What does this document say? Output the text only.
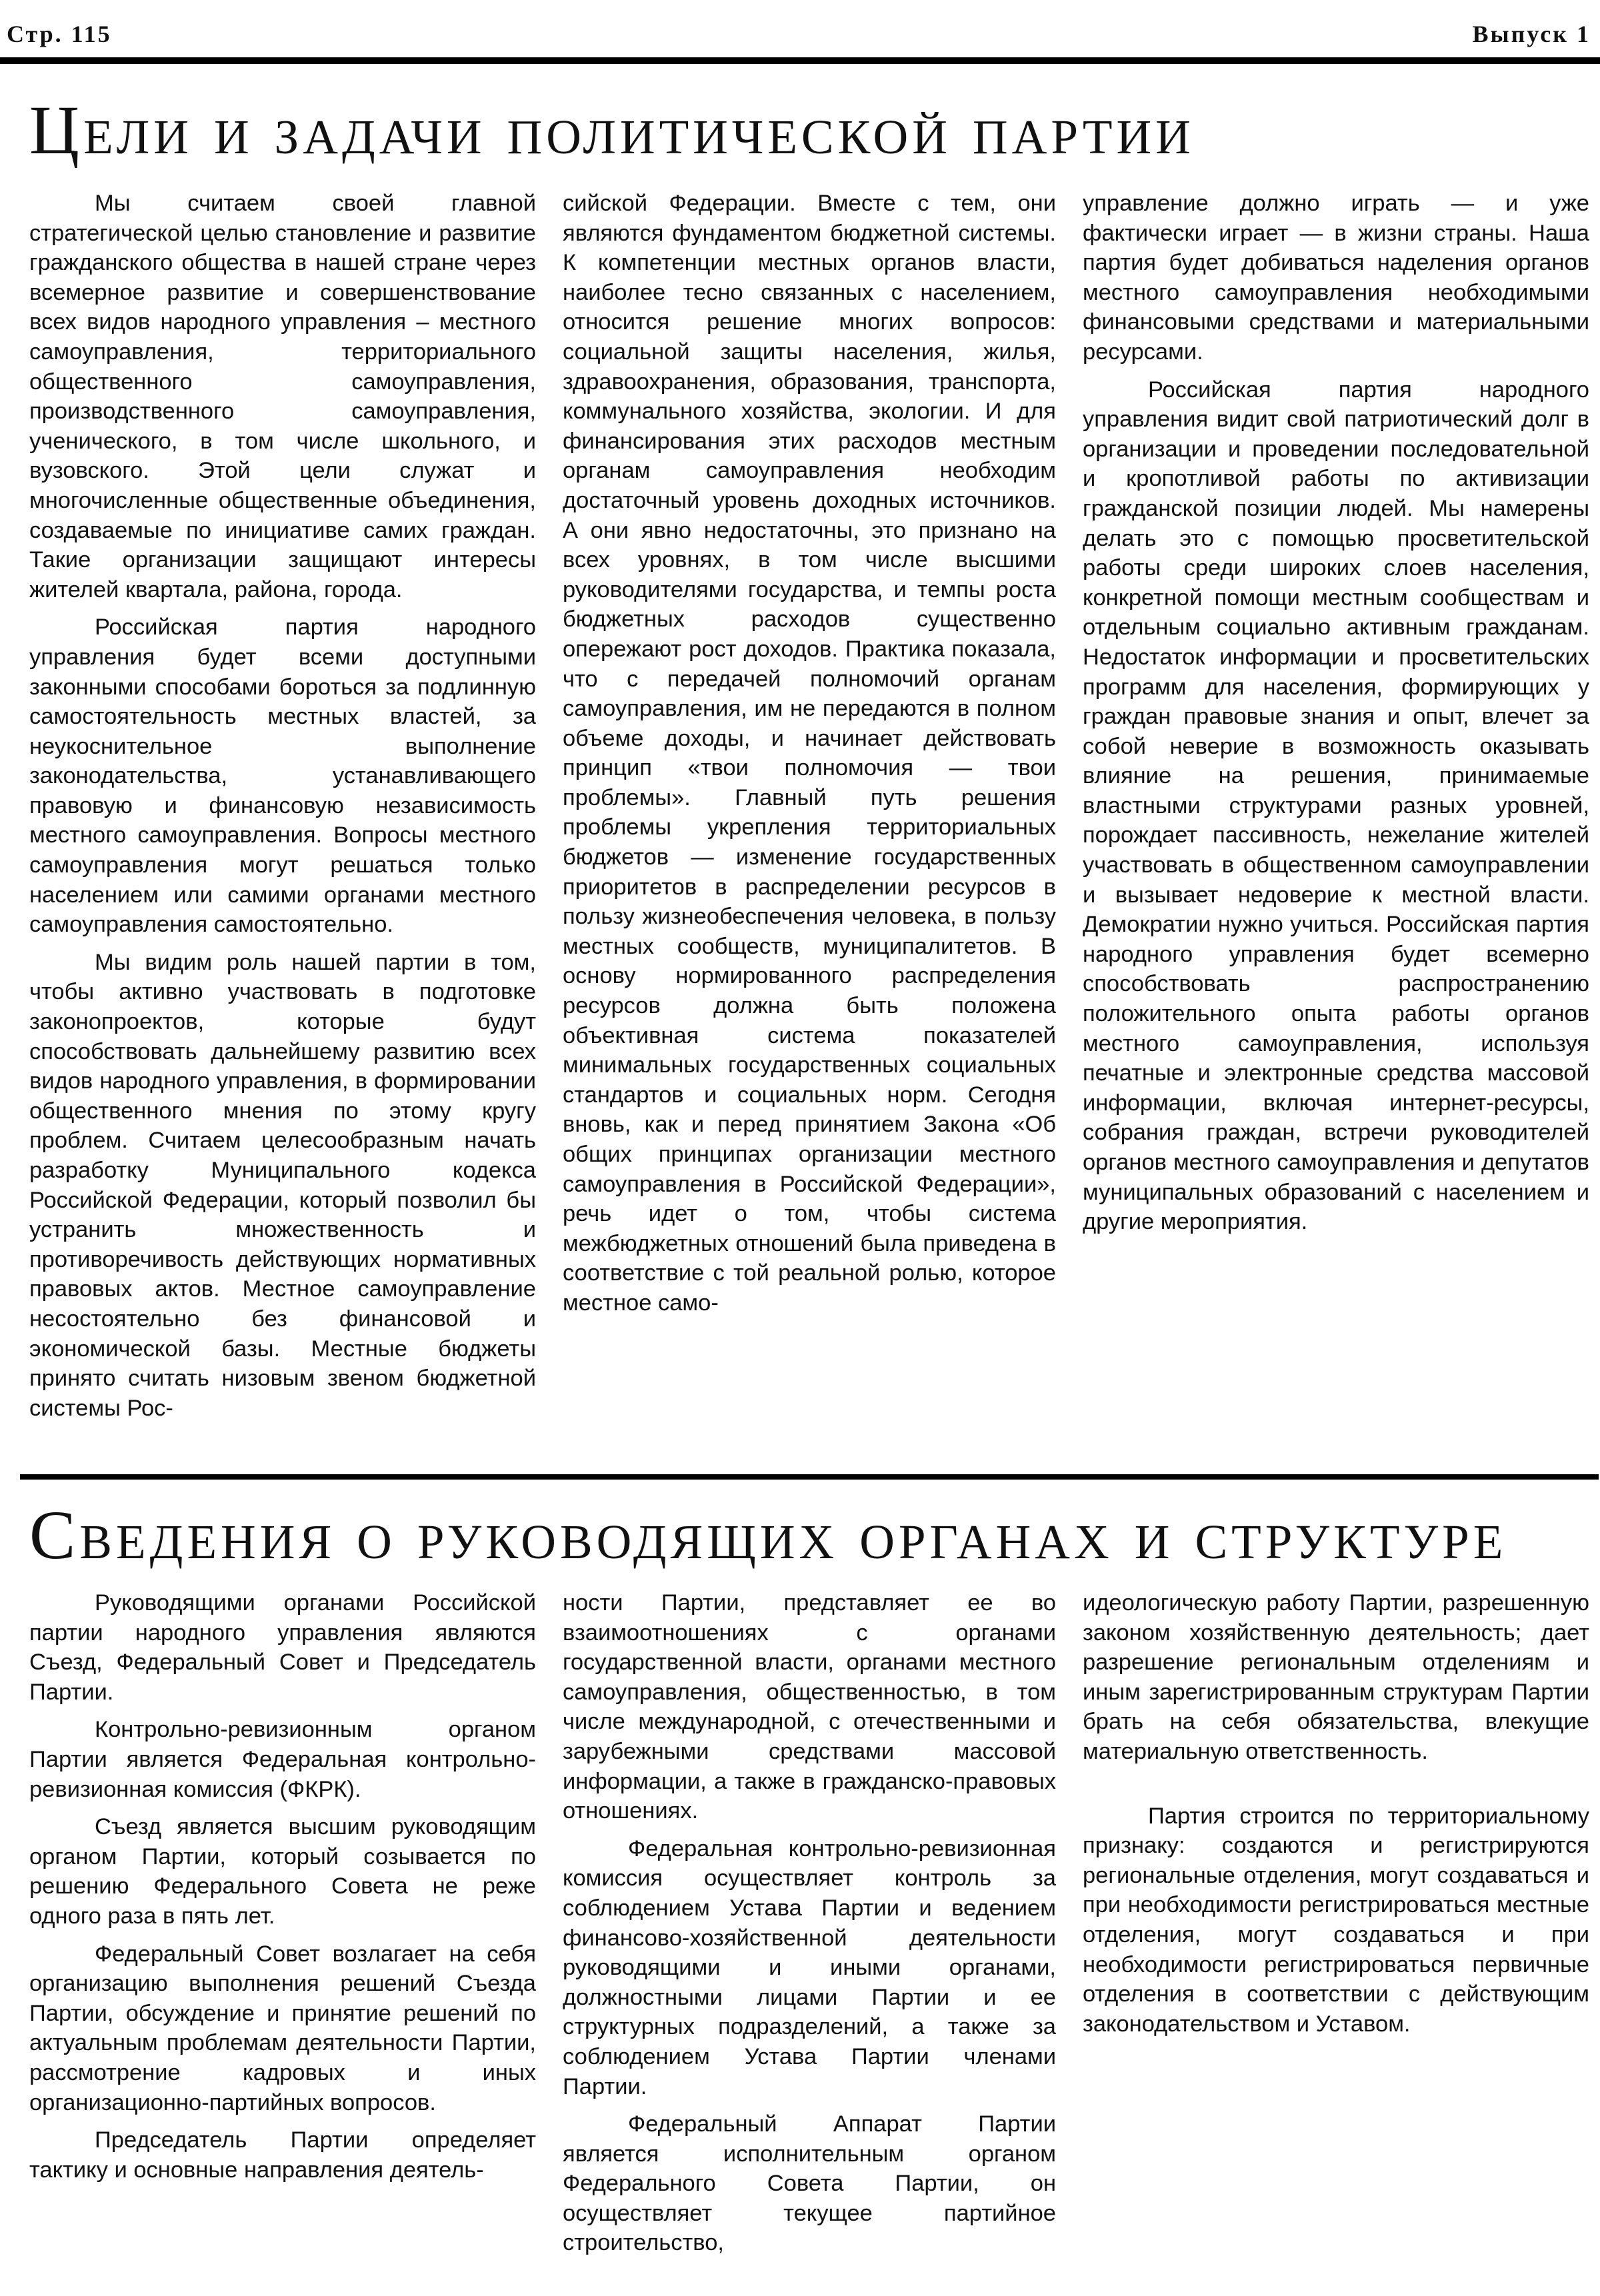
Стр. 115	Выпуск 1
Цели и задачи политической партии

Мы считаем своей главной стратегической целью становление и развитие гражданского общества в нашей стране через всемерное развитие и совершенствование всех видов народного управления – местного самоуправления, территориального общественного самоуправления, производственного самоуправления, ученического, в том числе школьного, и вузовского. Этой цели служат и многочисленные общественные объединения, создаваемые по инициативе самих граждан. Такие организации защищают интересы жителей квартала, района, города.

Российская партия народного управления будет всеми доступными законными способами бороться за подлинную самостоятельность местных властей, за неукоснительное выполнение законодательства, устанавливающего правовую и финансовую независимость местного самоуправления. Вопросы местного самоуправления могут решаться только населением или самими органами местного самоуправления самостоятельно.

Мы видим роль нашей партии в том, чтобы активно участвовать в подготовке законопроектов, которые будут способствовать дальнейшему развитию всех видов народного управления, в формировании общественного мнения по этому кругу проблем. Считаем целесообразным начать разработку Муниципального кодекса Российской Федерации, который позволил бы устранить множественность и противоречивость действующих нормативных правовых актов. Местное самоуправление несостоятельно без финансовой и экономической базы. Местные бюджеты принято считать низовым звеном бюджетной системы Рос-

сийской Федерации. Вместе с тем, они являются фундаментом бюджетной системы. К компетенции местных органов власти, наиболее тесно связанных с населением, относится решение многих вопросов: социальной защиты населения, жилья, здравоохранения, образования, транспорта, коммунального хозяйства, экологии. И для финансирования этих расходов местным органам самоуправления необходим достаточный уровень доходных источников. А они явно недостаточны, это признано на всех уровнях, в том числе высшими руководителями государства, и темпы роста бюджетных расходов существенно опережают рост доходов. Практика показала, что с передачей полномочий органам самоуправления, им не передаются в полном объеме доходы, и начинает действовать принцип «твои полномочия — твои проблемы». Главный путь решения проблемы укрепления территориальных бюджетов — изменение государственных приоритетов в распределении ресурсов в пользу жизнеобеспечения человека, в пользу местных сообществ, муниципалитетов. В основу нормированного распределения ресурсов должна быть положена объективная система показателей минимальных государственных социальных стандартов и социальных норм. Сегодня вновь, как и перед принятием Закона «Об общих принципах организации местного самоуправления в Российской Федерации», речь идет о том, чтобы система межбюджетных отношений была приведена в соответствие с той реальной ролью, которое местное само-

управление должно играть — и уже фактически играет — в жизни страны. Наша партия будет добиваться наделения органов местного самоуправления необходимыми финансовыми средствами и материальными ресурсами.

Российская партия народного управления видит свой патриотический долг в организации и проведении последовательной и кропотливой работы по активизации гражданской позиции людей. Мы намерены делать это с помощью просветительской работы среди широких слоев населения, конкретной помощи местным сообществам и отдельным социально активным гражданам. Недостаток информации и просветительских программ для населения, формирующих у граждан правовые знания и опыт, влечет за собой неверие в возможность оказывать влияние на решения, принимаемые властными структурами разных уровней, порождает пассивность, нежелание жителей участвовать в общественном самоуправлении и вызывает недоверие к местной власти. Демократии нужно учиться. Российская партия народного управления будет всемерно способствовать распространению положительного опыта работы органов местного самоуправления, используя печатные и электронные средства массовой информации, включая интернет-ресурсы, собрания граждан, встречи руководителей органов местного самоуправления и депутатов муниципальных образований с населением и другие мероприятия.

Сведения о руководящих органах и структуре

Руководящими органами Российской партии народного управления являются Съезд, Федеральный Совет и Председатель Партии.

Контрольно-ревизионным органом Партии является Федеральная контрольно-ревизионная комиссия (ФКРК).

Съезд является высшим руководящим органом Партии, который созывается по решению Федерального Совета не реже одного раза в пять лет.

Федеральный Совет возлагает на себя организацию выполнения решений Съезда Партии, обсуждение и принятие решений по актуальным проблемам деятельности Партии, рассмотрение кадровых и иных организационно-партийных вопросов.

Председатель Партии определяет тактику и основные направления деятель-

ности Партии, представляет ее во взаимоотношениях с органами государственной власти, органами местного самоуправления, общественностью, в том числе международной, с отечественными и зарубежными средствами массовой информации, а также в гражданско-правовых отношениях.

Федеральная контрольно-ревизионная комиссия осуществляет контроль за соблюдением Устава Партии и ведением финансово-хозяйственной деятельности руководящими и иными органами, должностными лицами Партии и ее структурных подразделений, а также за соблюдением Устава Партии членами Партии.

Федеральный Аппарат Партии является исполнительным органом Федерального Совета Партии, он осуществляет текущее партийное строительство,

идеологическую работу Партии, разрешенную законом хозяйственную деятельность; дает разрешение региональным отделениям и иным зарегистрированным структурам Партии брать на себя обязательства, влекущие материальную ответственность.

Партия строится по территориальному признаку: создаются и регистрируются региональные отделения, могут создаваться и при необходимости регистрироваться местные отделения, могут создаваться и при необходимости регистрироваться первичные отделения в соответствии с действующим законодательством и Уставом.
